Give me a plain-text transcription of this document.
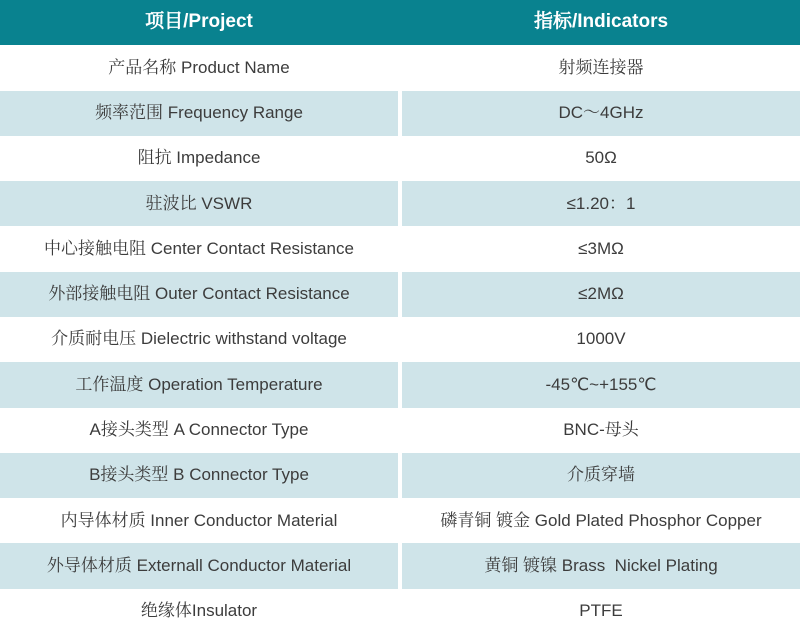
项目/Project	指标/Indicators
产品名称 Product Name	射频连接器
频率范围 Frequency Range	DC～4GHz
阻抗 Impedance	50Ω
驻波比 VSWR	≤1.20：1
中心接触电阻 Center Contact Resistance	≤3MΩ
外部接触电阻 Outer Contact Resistance	≤2MΩ
介质耐电压 Dielectric withstand voltage	1000V
工作温度 Operation Temperature	-45℃~+155℃
A接头类型 A Connector Type	BNC-母头
B接头类型 B Connector Type	介质穿墙
内导体材质 Inner Conductor Material	磷青铜 镀金 Gold Plated Phosphor Copper
外导体材质 Externall Conductor Material	黄铜 镀镍 Brass  Nickel Plating
绝缘体Insulator	PTFE
